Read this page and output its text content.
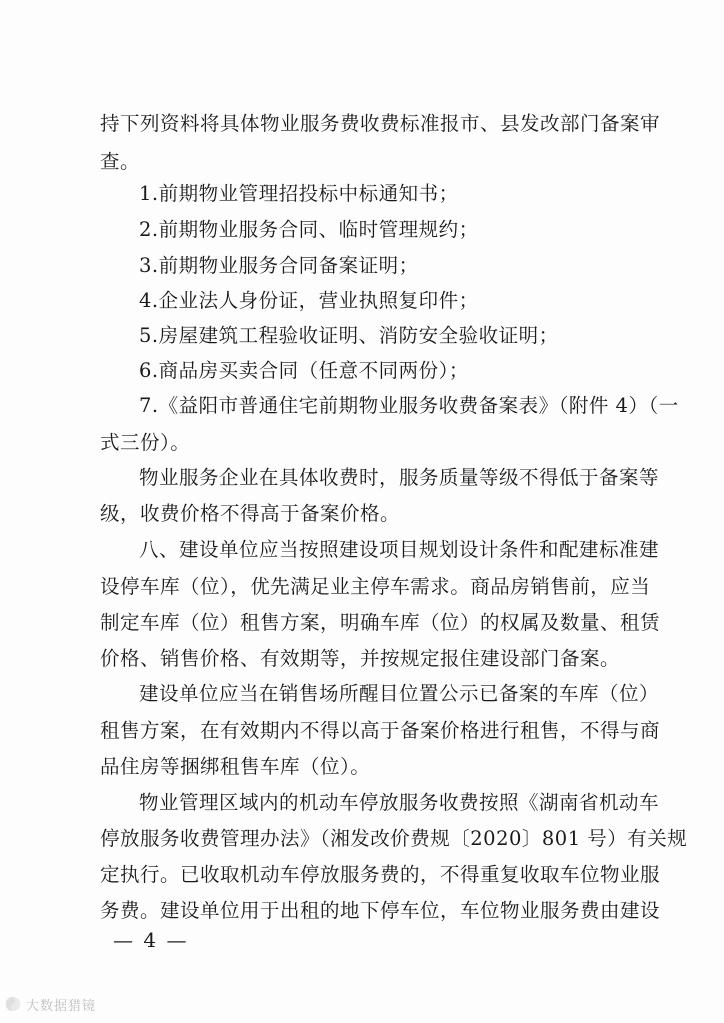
持下列资料将具体物业服务费收费标准报市、县发改部门备案审
查。
1.前期物业管理招投标中标通知书；
2.前期物业服务合同、临时管理规约；
3.前期物业服务合同备案证明；
4.企业法人身份证，营业执照复印件；
5.房屋建筑工程验收证明、消防安全验收证明；
6.商品房买卖合同（任意不同两份）；
7.《益阳市普通住宅前期物业服务收费备案表》（附件 4）（一
式三份）。
物业服务企业在具体收费时，服务质量等级不得低于备案等
级，收费价格不得高于备案价格。
八、建设单位应当按照建设项目规划设计条件和配建标准建
设停车库（位），优先满足业主停车需求。商品房销售前，应当
制定车库（位）租售方案，明确车库（位）的权属及数量、租赁
价格、销售价格、有效期等，并按规定报住建设部门备案。
建设单位应当在销售场所醒目位置公示已备案的车库（位）
租售方案，在有效期内不得以高于备案价格进行租售，不得与商
品住房等捆绑租售车库（位）。
物业管理区域内的机动车停放服务收费按照《湖南省机动车
停放服务收费管理办法》（湘发改价费规〔2020〕801 号）有关规
定执行。已收取机动车停放服务费的，不得重复收取车位物业服
务费。建设单位用于出租的地下停车位，车位物业服务费由建设
— 4 —
大数据猎镜
